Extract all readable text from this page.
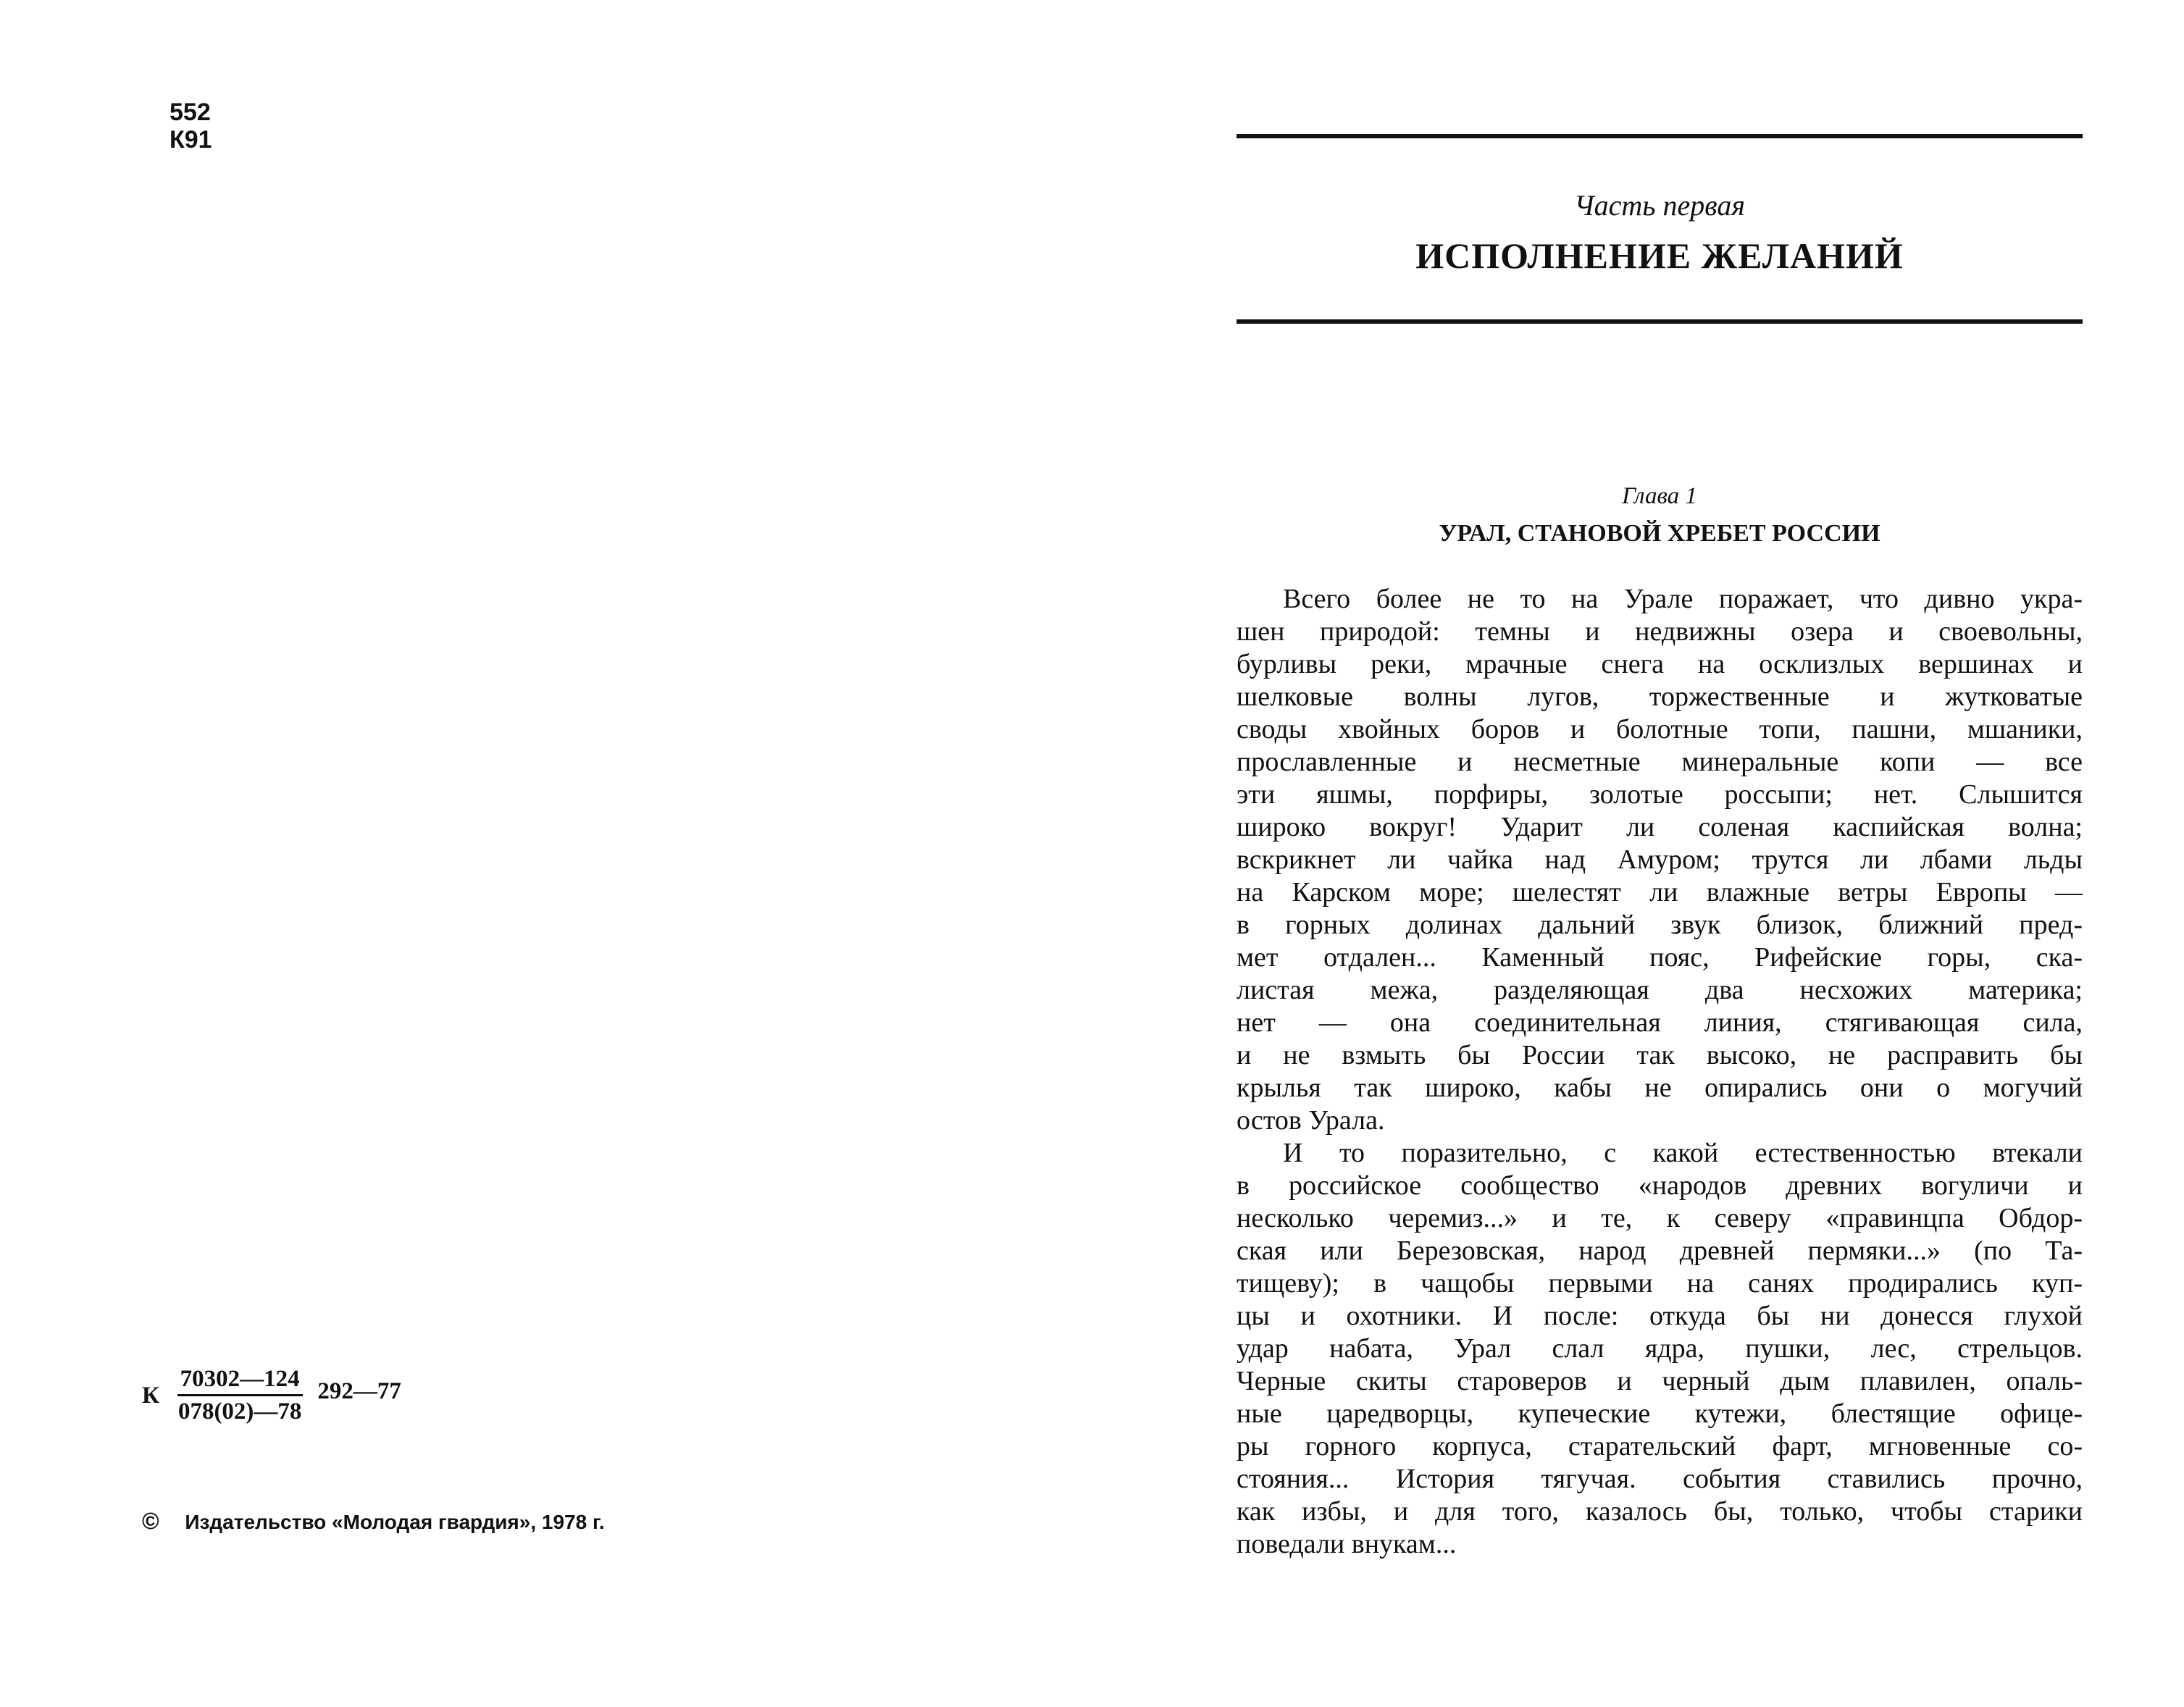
552
К91
К $\frac{70302—124}{078(02)—78}$ 292—77
© Издательство «Молодая гвардия», 1978 г.
Часть первая
ИСПОЛНЕНИЕ ЖЕЛАНИЙ
Глава 1
УРАЛ, СТАНОВОЙ ХРЕБЕТ РОССИИ
Всего более не то на Урале поражает, что дивно укра-
шен природой: темны и недвижны озера и своевольны,
бурливы реки, мрачные снега на осклизлых вершинах и
шелковые волны лугов, торжественные и жутковатые
своды хвойных боров и болотные топи, пашни, мшаники,
прославленные и несметные минеральные копи — все
эти яшмы, порфиры, золотые россыпи; нет. Слышится
широко вокруг! Ударит ли соленая каспийская волна;
вскрикнет ли чайка над Амуром; трутся ли лбами льды
на Карском море; шелестят ли влажные ветры Европы —
в горных долинах дальний звук близок, ближний пред-
мет отдален... Каменный пояс, Рифейские горы, ска-
листая межа, разделяющая два несхожих материка;
нет — она соединительная линия, стягивающая сила,
и не взмыть бы России так высоко, не расправить бы
крылья так широко, кабы не опирались они о могучий
остов Урала.
И то поразительно, с какой естественностью втекали
в российское сообщество «народов древних вогуличи и
несколько черемиз...» и те, к северу «правинцпа Обдор-
ская или Березовская, народ древней пермяки...» (по Та-
тищеву); в чащобы первыми на санях продирались куп-
цы и охотники. И после: откуда бы ни донесся глухой
удар набата, Урал слал ядра, пушки, лес, стрельцов.
Черные скиты староверов и черный дым плавилен, опаль-
ные царедворцы, купеческие кутежи, блестящие офице-
ры горного корпуса, старательский фарт, мгновенные со-
стояния... История тягучая. события ставились прочно,
как избы, и для того, казалось бы, только, чтобы старики
поведали внукам...
